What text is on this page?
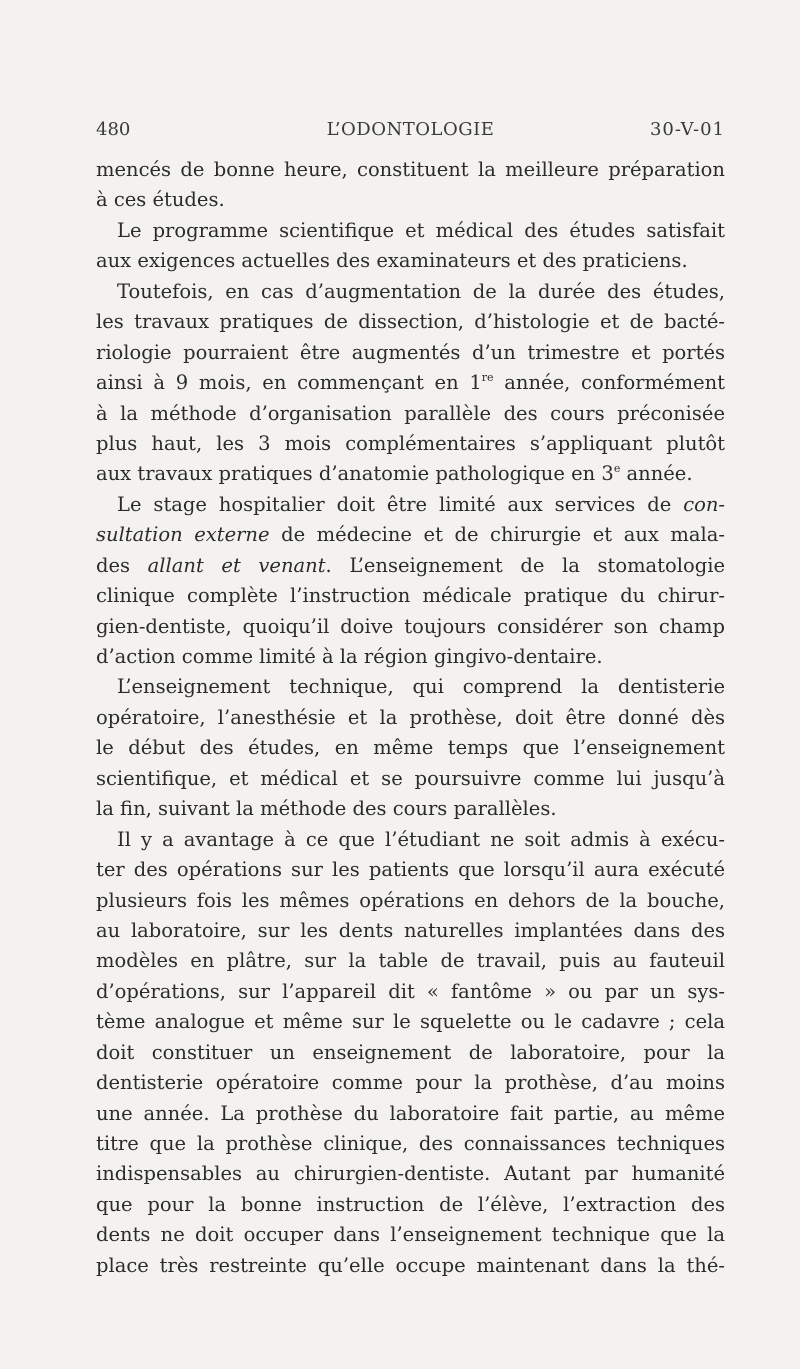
480	L’ODONTOLOGIE	30-V-01
mencés de bonne heure, constituent la meilleure préparation
à ces études.
Le programme scientifique et médical des études satisfait
aux exigences actuelles des examinateurs et des praticiens.
Toutefois, en cas d’augmentation de la durée des études,
les travaux pratiques de dissection, d’histologie et de bacté-
riologie pourraient être augmentés d’un trimestre et portés
ainsi à 9 mois, en commençant en 1re année, conformément
à la méthode d’organisation parallèle des cours préconisée
plus haut, les 3 mois complémentaires s’appliquant plutôt
aux travaux pratiques d’anatomie pathologique en 3e année.
Le stage hospitalier doit être limité aux services de con-
sultation externe de médecine et de chirurgie et aux mala-
des allant et venant. L’enseignement de la stomatologie
clinique complète l’instruction médicale pratique du chirur-
gien-dentiste, quoiqu’il doive toujours considérer son champ
d’action comme limité à la région gingivo-dentaire.
L’enseignement technique, qui comprend la dentisterie
opératoire, l’anesthésie et la prothèse, doit être donné dès
le début des études, en même temps que l’enseignement
scientifique, et médical et se poursuivre comme lui jusqu’à
la fin, suivant la méthode des cours parallèles.
Il y a avantage à ce que l’étudiant ne soit admis à exécu-
ter des opérations sur les patients que lorsqu’il aura exécuté
plusieurs fois les mêmes opérations en dehors de la bouche,
au laboratoire, sur les dents naturelles implantées dans des
modèles en plâtre, sur la table de travail, puis au fauteuil
d’opérations, sur l’appareil dit « fantôme » ou par un sys-
tème analogue et même sur le squelette ou le cadavre ; cela
doit constituer un enseignement de laboratoire, pour la
dentisterie opératoire comme pour la prothèse, d’au moins
une année. La prothèse du laboratoire fait partie, au même
titre que la prothèse clinique, des connaissances techniques
indispensables au chirurgien-dentiste. Autant par humanité
que pour la bonne instruction de l’élève, l’extraction des
dents ne doit occuper dans l’enseignement technique que la
place très restreinte qu’elle occupe maintenant dans la thé-
